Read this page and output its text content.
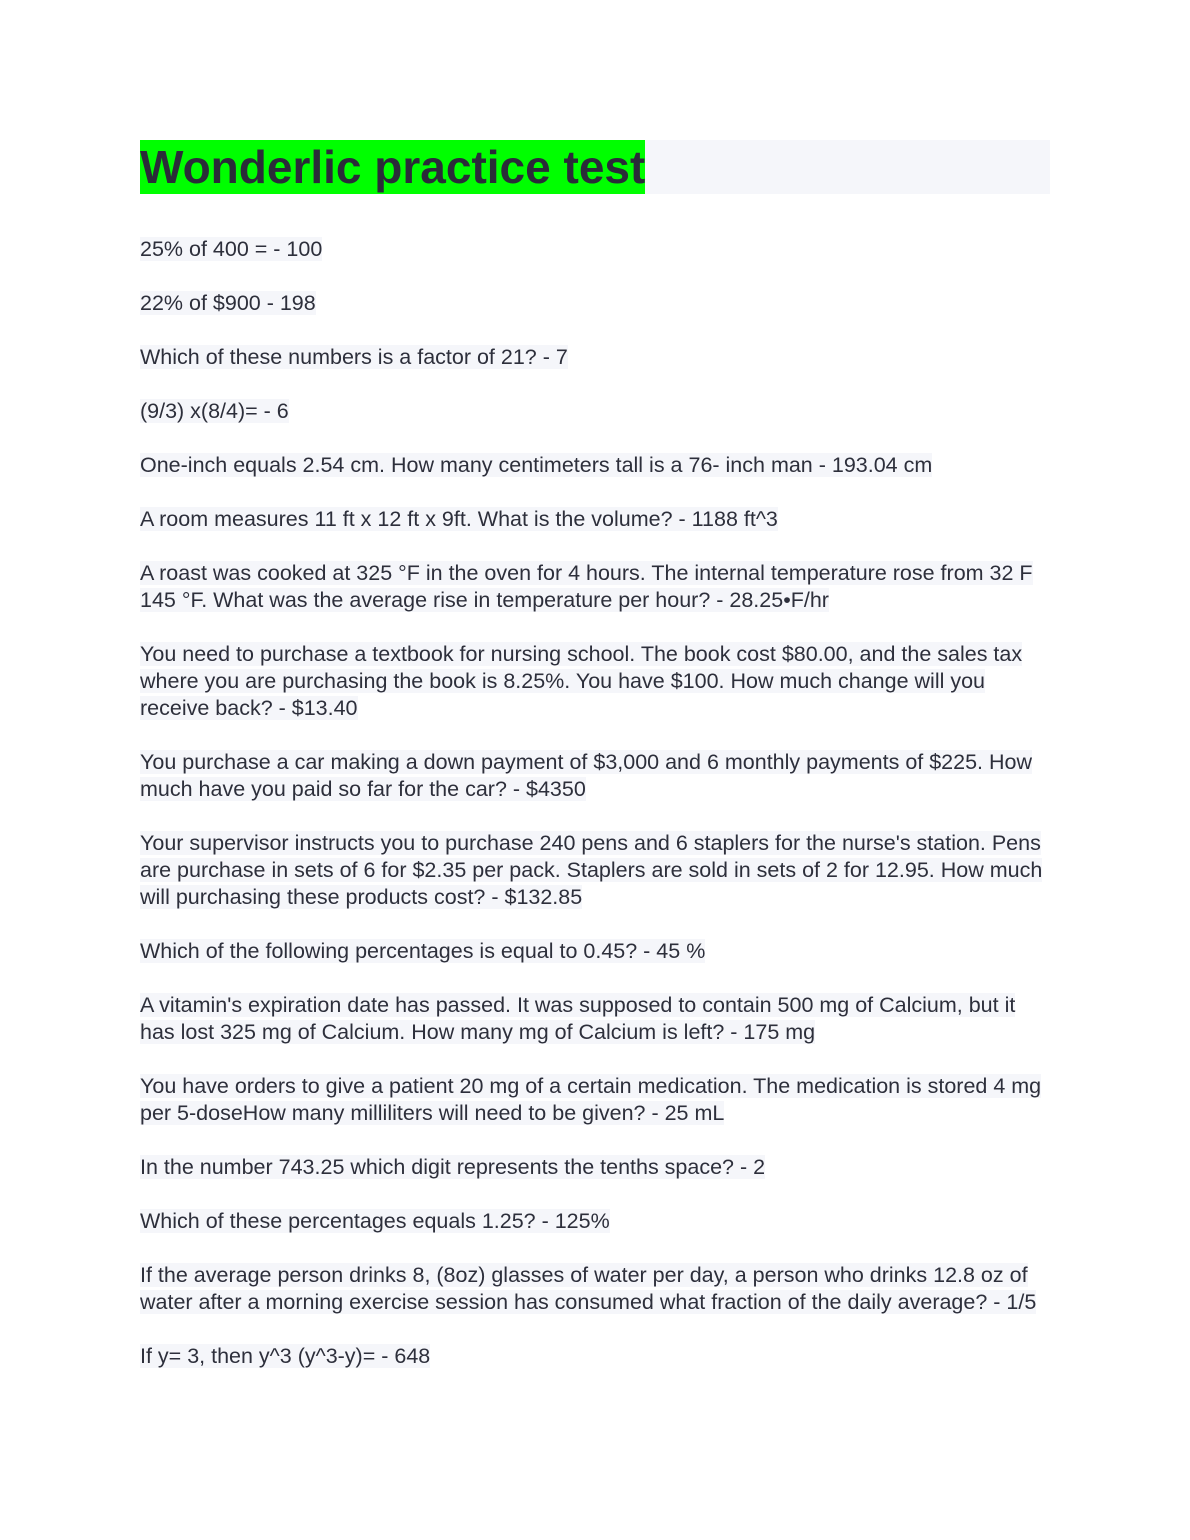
Wonderlic practice test

25% of 400 = - 100

22% of $900 - 198

Which of these numbers is a factor of 21? - 7

(9/3) x(8/4)= - 6

One-inch equals 2.54 cm. How many centimeters tall is a 76- inch man - 193.04 cm

A room measures 11 ft x 12 ft x 9ft. What is the volume? - 1188 ft^3

A roast was cooked at 325 °F in the oven for 4 hours. The internal temperature rose from 32 F 145 °F. What was the average rise in temperature per hour? - 28.25•F/hr

You need to purchase a textbook for nursing school. The book cost $80.00, and the sales tax where you are purchasing the book is 8.25%. You have $100. How much change will you receive back? - $13.40

You purchase a car making a down payment of $3,000 and 6 monthly payments of $225. How much have you paid so far for the car? - $4350

Your supervisor instructs you to purchase 240 pens and 6 staplers for the nurse's station. Pens are purchase in sets of 6 for $2.35 per pack. Staplers are sold in sets of 2 for 12.95. How much will purchasing these products cost? - $132.85

Which of the following percentages is equal to 0.45? - 45 %

A vitamin's expiration date has passed. It was supposed to contain 500 mg of Calcium, but it has lost 325 mg of Calcium. How many mg of Calcium is left? - 175 mg

You have orders to give a patient 20 mg of a certain medication. The medication is stored 4 mg per 5-doseHow many milliliters will need to be given? - 25 mL

In the number 743.25 which digit represents the tenths space? - 2

Which of these percentages equals 1.25? - 125%

If the average person drinks 8, (8oz) glasses of water per day, a person who drinks 12.8 oz of water after a morning exercise session has consumed what fraction of the daily average? - 1/5

If y= 3, then y^3 (y^3-y)= - 648
